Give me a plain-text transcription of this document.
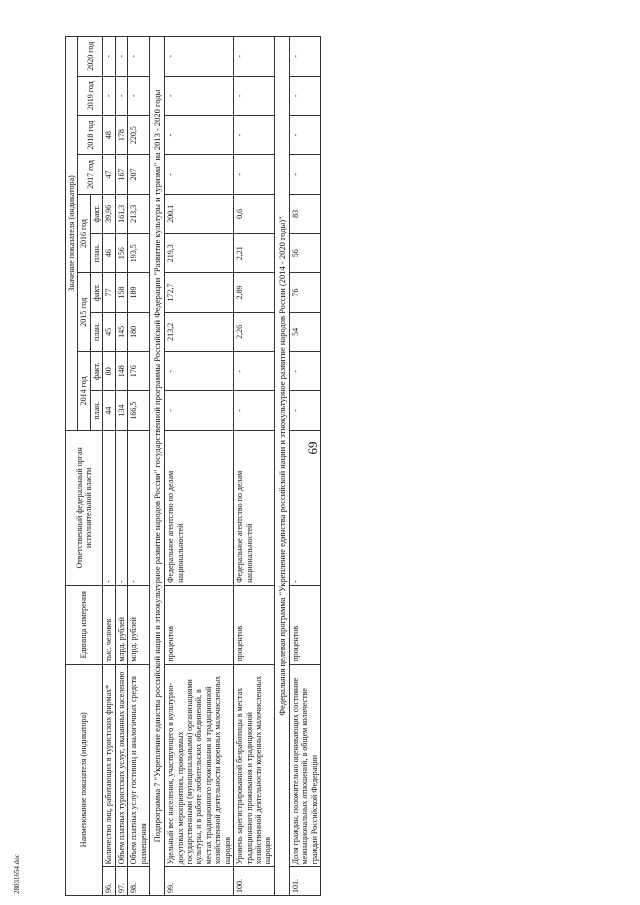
69
28031654.doc
Наименование показателя (индикатора)		Единица измерения	Ответственный федеральный орган исполнительной власти	Значение показателя (индикатора)									
				2014 год		2015 год		2016 год		2017 год	2018 год	2019 год	2020 год
				план.	факт.	план.	факт.	план.	факт.				
96.	Количество лиц, работающих в туристских фирмах*	тыс. человек	-	44	80	45	77	46	39,96	47	48	-	-
97.	Объем платных туристских услуг, оказанных населению	млрд. рублей	-	134	148	145	158	156	161,3	167	178	-	-
98.	Объем платных услуг гостиниц и аналогичных средств размещения	млрд. рублей	-	166,5	176	180	189	193,5	213,3	207	220,5	-	-
Подпрограмма 7 "Укрепление единства российской нации и этнокультурное развитие народов России" государственной программы Российской Федерации "Развитие культуры и туризма" на 2013 - 2020 годы													
99.	Удельный вес населения, участвующего в культурно-досуговых мероприятиях, проводимых государственными (муниципальными) организациями культуры, и в работе любительских объединений, в местах традиционного проживания и традиционной хозяйственной деятельности коренных малочисленных народов	процентов	Федеральное агентство по делам национальностей	-	-	213,2	172,7	219,3	200,1	-	-	-	-
100.	Уровень зарегистрированной безработицы в местах традиционного проживания и традиционной хозяйственной деятельности коренных малочисленных народов	процентов	Федеральное агентство по делам национальностей	-	-	2,26	2,89	2,21	0,6	-	-	-	-
Федеральная целевая программа "Укрепление единства российской нации и этнокультурное развитие народов России (2014 - 2020 годы)"													
101.	Доля граждан, положительно оценивающих состояние межнациональных отношений, в общем количестве граждан Российской Федерации	процентов	-	-	-	54	76	56	83	-	-	-	-
